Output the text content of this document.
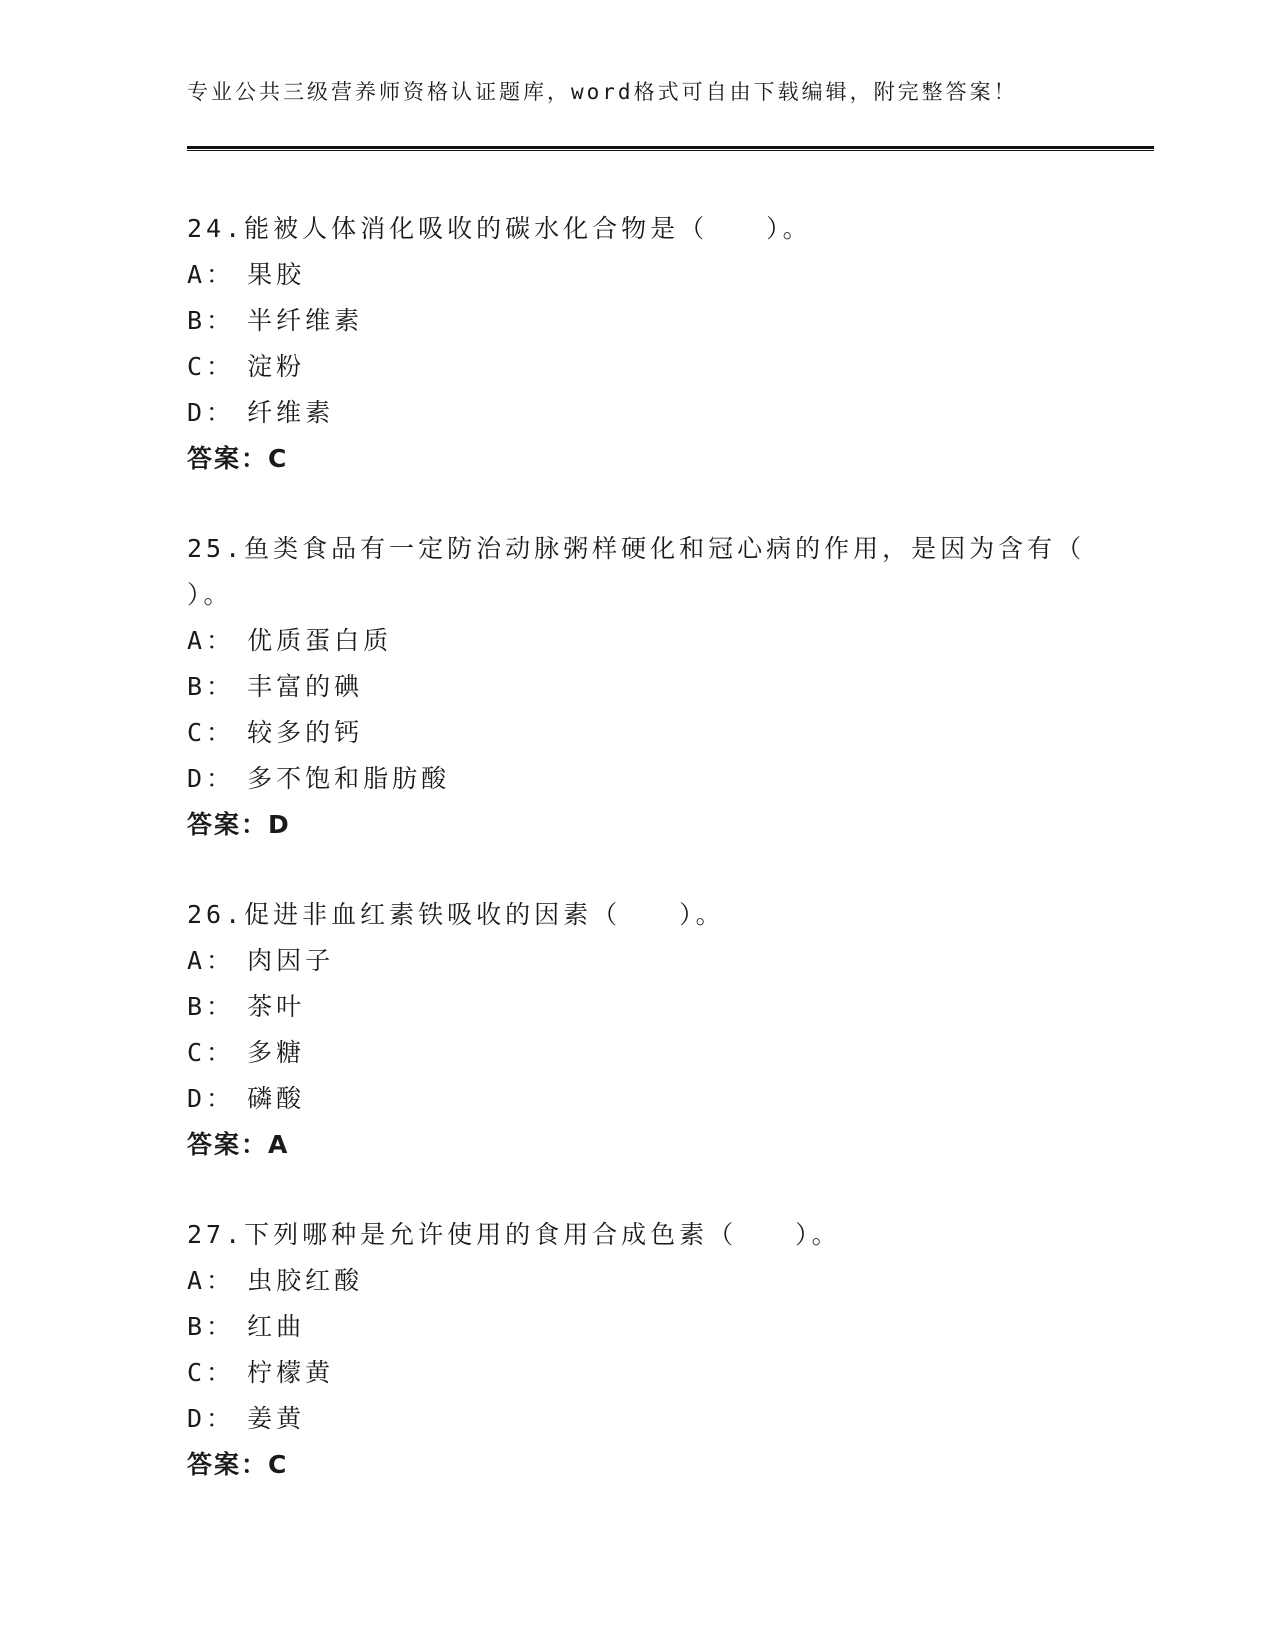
专业公共三级营养师资格认证题库，word格式可自由下载编辑，附完整答案！
24.能被人体消化吸收的碳水化合物是（　　）。
A： 果胶
B： 半纤维素
C： 淀粉
D： 纤维素
答案：C
25.鱼类食品有一定防治动脉粥样硬化和冠心病的作用，是因为含有（
）。
A： 优质蛋白质
B： 丰富的碘
C： 较多的钙
D： 多不饱和脂肪酸
答案：D
26.促进非血红素铁吸收的因素（　　）。
A： 肉因子
B： 茶叶
C： 多糖
D： 磷酸
答案：A
27.下列哪种是允许使用的食用合成色素（　　）。
A： 虫胶红酸
B： 红曲
C： 柠檬黄
D： 姜黄
答案：C
